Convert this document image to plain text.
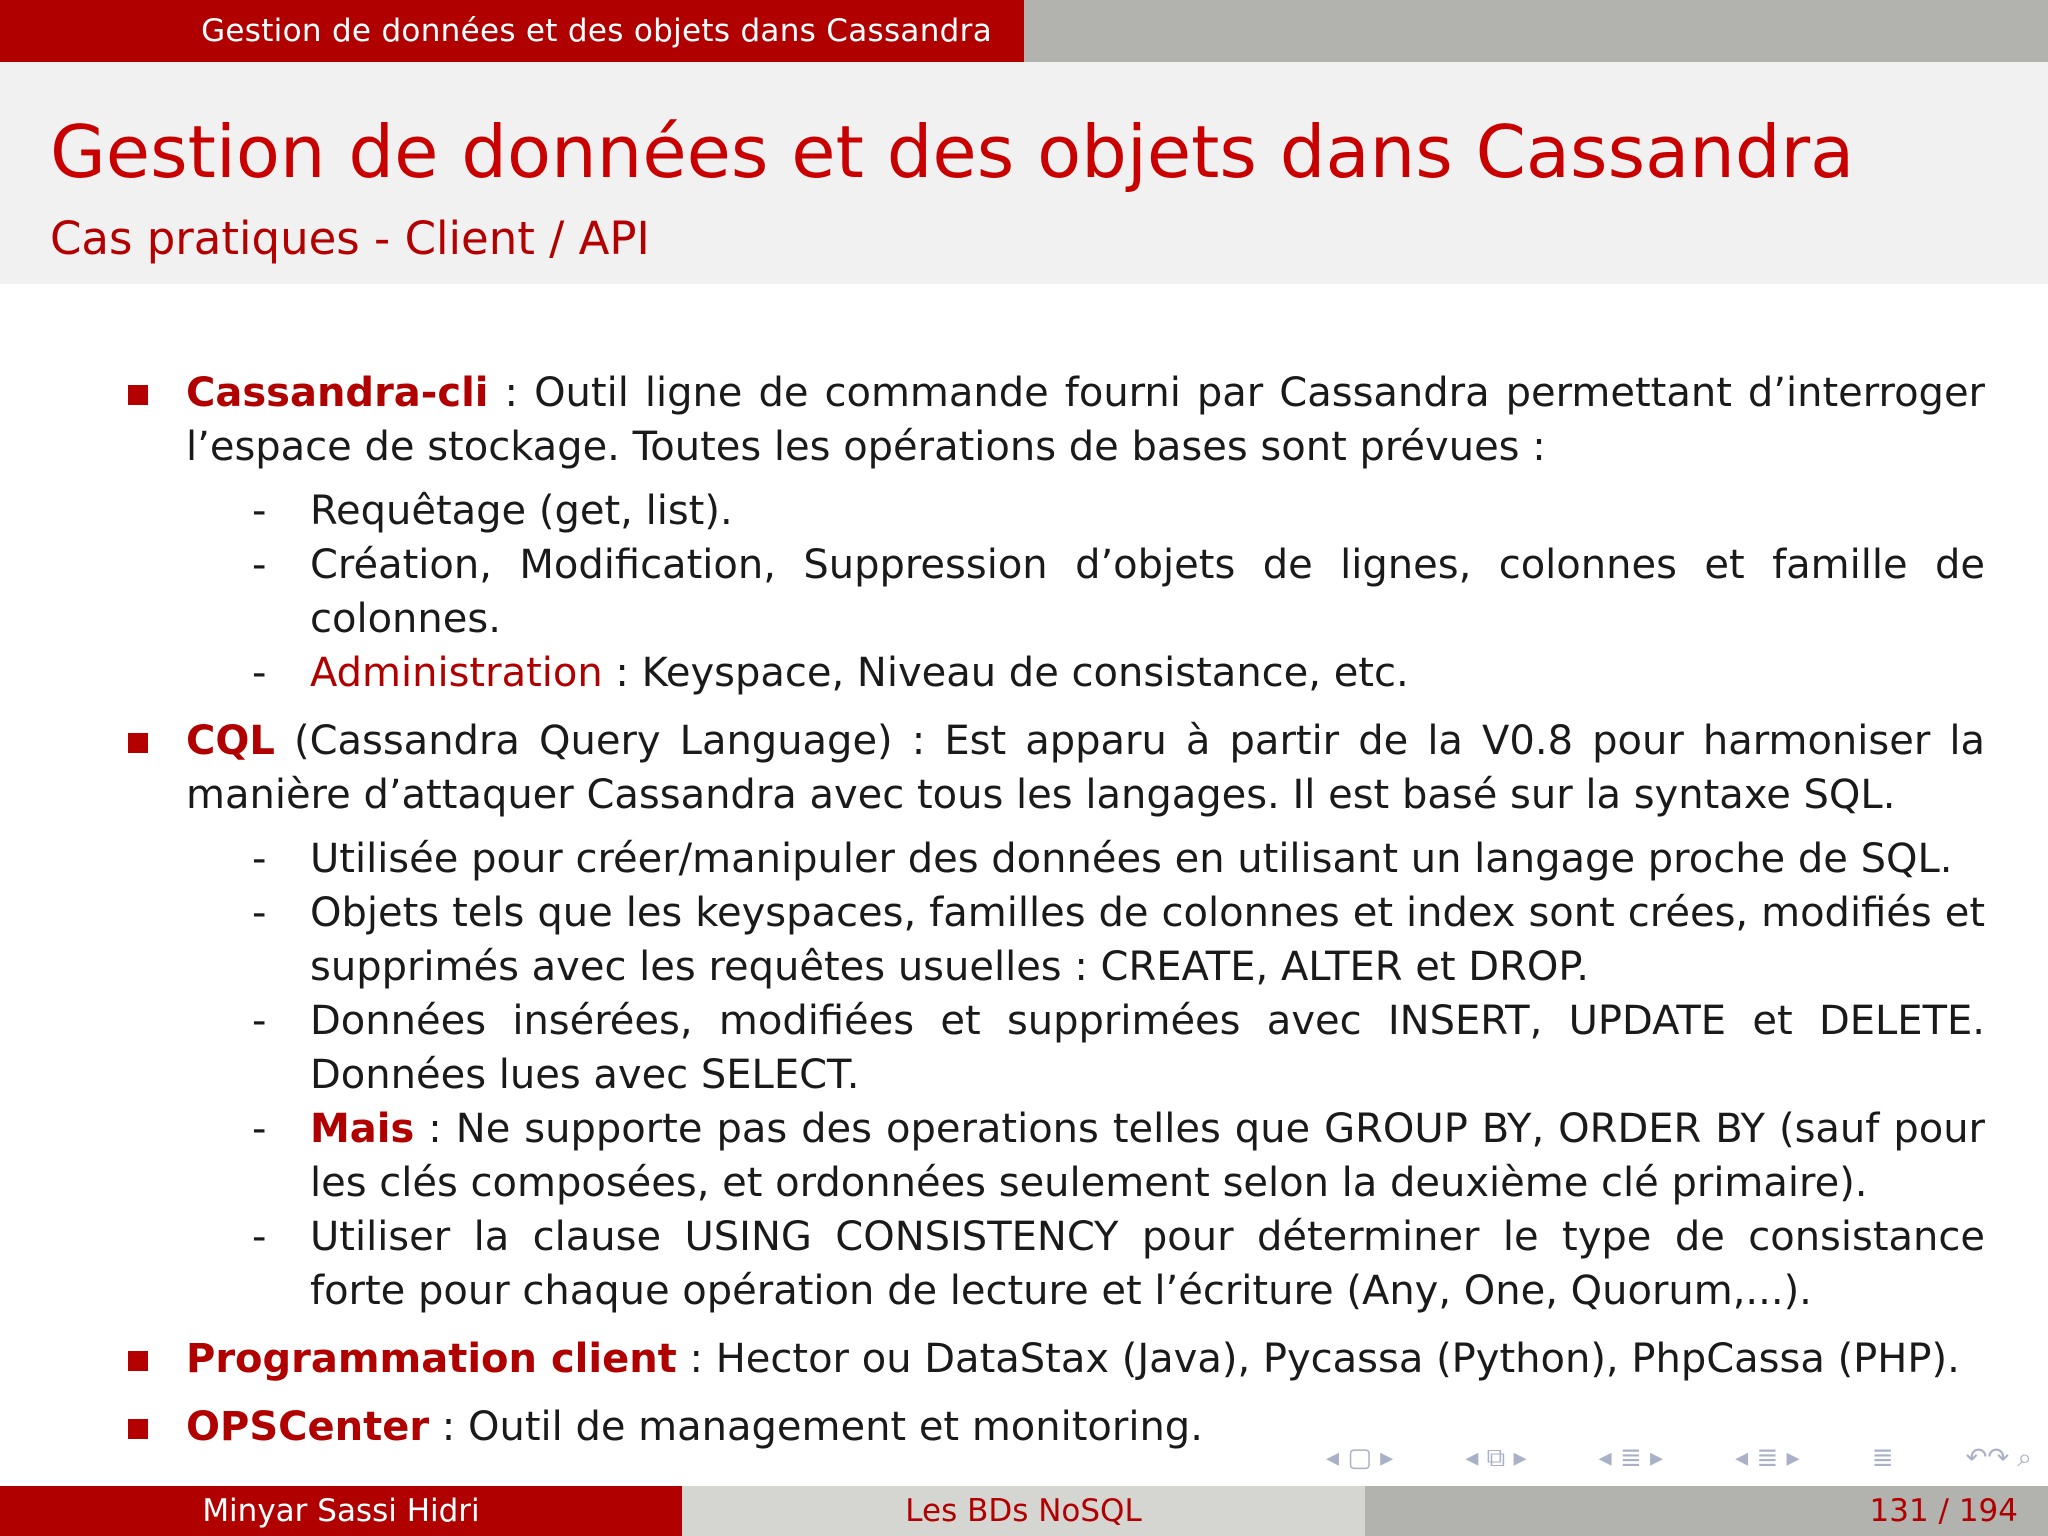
Gestion de données et des objets dans Cassandra
Gestion de données et des objets dans Cassandra
Cas pratiques - Client / API
Cassandra-cli : Outil ligne de commande fourni par Cassandra permettant d’interroger l’espace de stockage. Toutes les opérations de bases sont prévues :
- Requêtage (get, list).
- Création, Modification, Suppression d’objets de lignes, colonnes et famille de colonnes.
- Administration : Keyspace, Niveau de consistance, etc.
CQL (Cassandra Query Language) : Est apparu à partir de la V0.8 pour harmoniser la manière d’attaquer Cassandra avec tous les langages. Il est basé sur la syntaxe SQL.
- Utilisée pour créer/manipuler des données en utilisant un langage proche de SQL.
- Objets tels que les keyspaces, familles de colonnes et index sont crées, modifiés et supprimés avec les requêtes usuelles : CREATE, ALTER et DROP.
- Données insérées, modifiées et supprimées avec INSERT, UPDATE et DELETE. Données lues avec SELECT.
- Mais : Ne supporte pas des operations telles que GROUP BY, ORDER BY (sauf pour les clés composées, et ordonnées seulement selon la deuxième clé primaire).
- Utiliser la clause USING CONSISTENCY pour déterminer le type de consistance forte pour chaque opération de lecture et l’écriture (Any, One, Quorum,...).
Programmation client : Hector ou DataStax (Java), Pycassa (Python), PhpCassa (PHP).
OPSCenter : Outil de management et monitoring.
◂ ▢ ▸	◂ ⧉ ▸	◂ ≣ ▸	◂ ≣ ▸	≣	↶↷ ⌕
Minyar Sassi Hidri	Les BDs NoSQL	131 / 194
